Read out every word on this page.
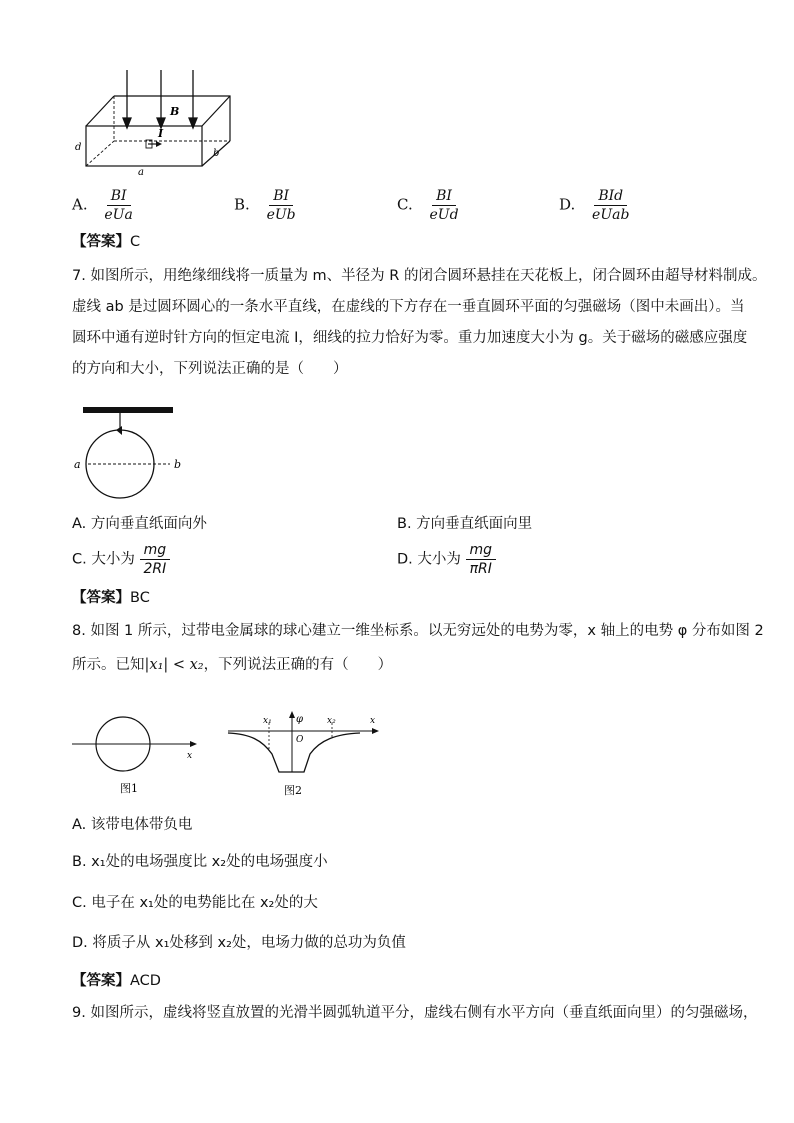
B
I
a
b
d
A. $\frac{BI}{\text{eUa}}$	B. $\frac{BI}{\text{eUb}}$	C. $\frac{BI}{\text{eUd}}$	D. $\frac{\text{BId}}{\text{eUab}}$
【答案】C
7. 如图所示，用绝缘细线将一质量为 m、半径为 R 的闭合圆环悬挂在天花板上，闭合圆环由超导材料制成。
虚线 ab 是过圆环圆心的一条水平直线，在虚线的下方存在一垂直圆环平面的匀强磁场（图中未画出）。当
圆环中通有逆时针方向的恒定电流 I，细线的拉力恰好为零。重力加速度大小为 g。关于磁场的磁感应强度
的方向和大小，下列说法正确的是（　　）
a	b
A. 方向垂直纸面向外	B. 方向垂直纸面向里
C. 大小为 $\frac{mg}{2RI}$	D. 大小为 $\frac{mg}{\text{πRI}}$
【答案】BC
8. 如图 1 所示，过带电金属球的球心建立一维坐标系。以无穷远处的电势为零，x 轴上的电势 φ 分布如图 2
所示。已知|x₁| < x₂，下列说法正确的有（　　）
x
图1
x₁	x₂
φ	x
O
图2
A. 该带电体带负电
B. x₁处的电场强度比 x₂处的电场强度小
C. 电子在 x₁处的电势能比在 x₂处的大
D. 将质子从 x₁处移到 x₂处，电场力做的总功为负值
【答案】ACD
9. 如图所示，虚线将竖直放置的光滑半圆弧轨道平分，虚线右侧有水平方向（垂直纸面向里）的匀强磁场，
